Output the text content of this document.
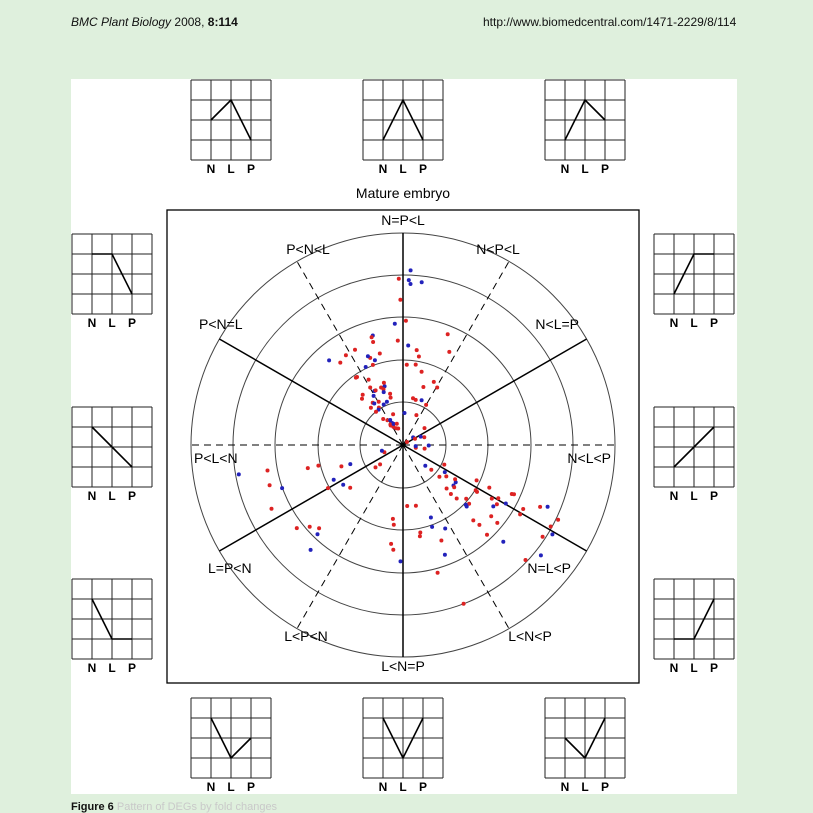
BMC Plant Biology 2008, 8:114	http://www.biomedcentral.com/1471-2229/8/114
Mature embryo
N=P<L
N<P<L
N<L=P
N<L<P
N=L<P
L<N<P
L<N=P
L<P<N
L=P<N
P<L<N
P<N=L
P<N<L
N L P	N L P	N L P
N L P	N L P
N L P	N L P
N L P	N L P
N L P	N L P	N L P
Figure 6 Pattern of DEGs by fold changes
